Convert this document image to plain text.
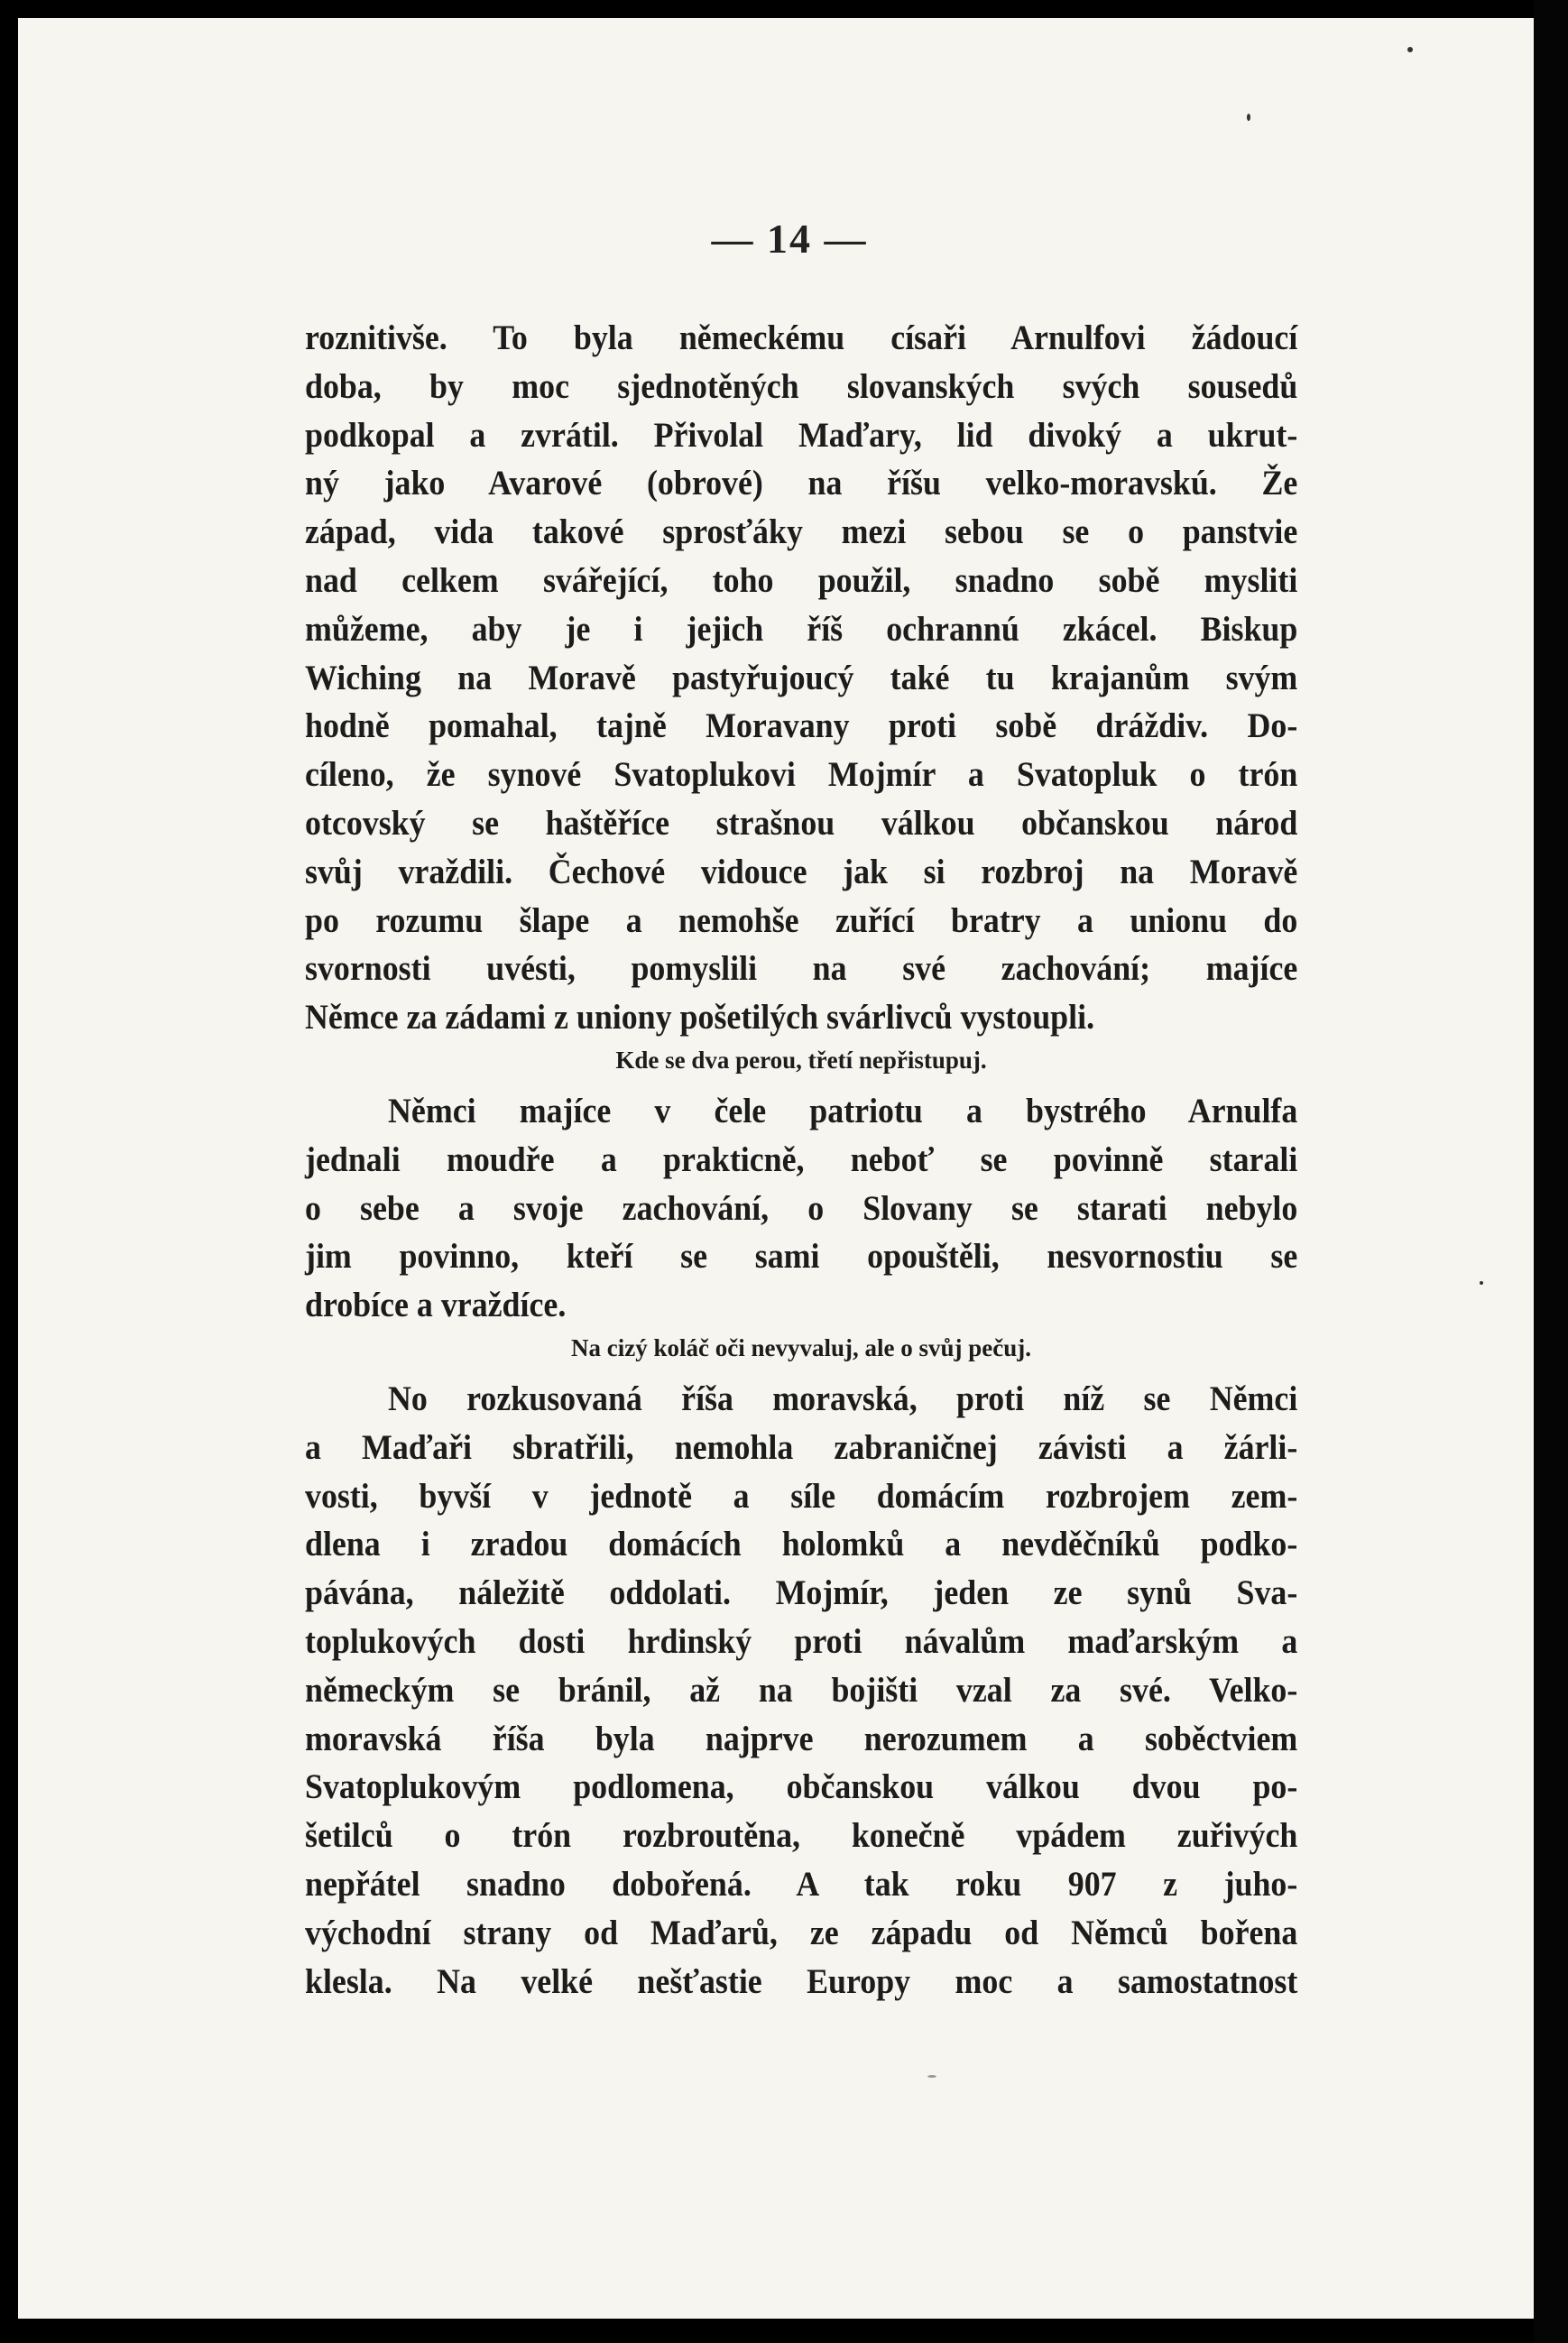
— 14 —
roznitivše. To byla německému císaři Arnulfovi žádoucí
doba, by moc sjednotěných slovanských svých sousedů
podkopal a zvrátil. Přivolal Maďary, lid divoký a ukrut-
ný jako Avarové (obrové) na říšu velko-moravskú. Že
západ, vida takové sprosťáky mezi sebou se o panstvie
nad celkem svářející, toho použil, snadno sobě mysliti
můžeme, aby je i jejich říš ochrannú zkácel. Biskup
Wiching na Moravě pastyřujoucý také tu krajanům svým
hodně pomahal, tajně Moravany proti sobě dráždiv. Do-
cíleno, že synové Svatoplukovi Mojmír a Svatopluk o trón
otcovský se haštěříce strašnou válkou občanskou národ
svůj vraždili. Čechové vidouce jak si rozbroj na Moravě
po rozumu šlape a nemohše zuřící bratry a unionu do
svornosti uvésti, pomyslili na své zachování; majíce
Němce za zádami z uniony pošetilých svárlivců vystoupli.
Kde se dva perou, třetí nepřistupuj.
Němci majíce v čele patriotu a bystrého Arnulfa
jednali moudře a prakticně, neboť se povinně starali
o sebe a svoje zachování, o Slovany se starati nebylo
jim povinno, kteří se sami opouštěli, nesvornostiu se
drobíce a vraždíce.
Na cizý koláč oči nevyvaluj, ale o svůj pečuj.
No rozkusovaná říša moravská, proti níž se Němci
a Maďaři sbratřili, nemohla zabraničnej závisti a žárli-
vosti, byvší v jednotě a síle domácím rozbrojem zem-
dlena i zradou domácích holomků a nevděčníků podko-
pávána, náležitě oddolati. Mojmír, jeden ze synů Sva-
toplukových dosti hrdinský proti návalům maďarským a
německým se bránil, až na bojišti vzal za své. Velko-
moravská říša byla najprve nerozumem a soběctviem
Svatoplukovým podlomena, občanskou válkou dvou po-
šetilců o trón rozbroutěna, konečně vpádem zuřivých
nepřátel snadno dobořená. A tak roku 907 z juho-
východní strany od Maďarů, ze západu od Němců bořena
klesla. Na velké nešťastie Europy moc a samostatnost
